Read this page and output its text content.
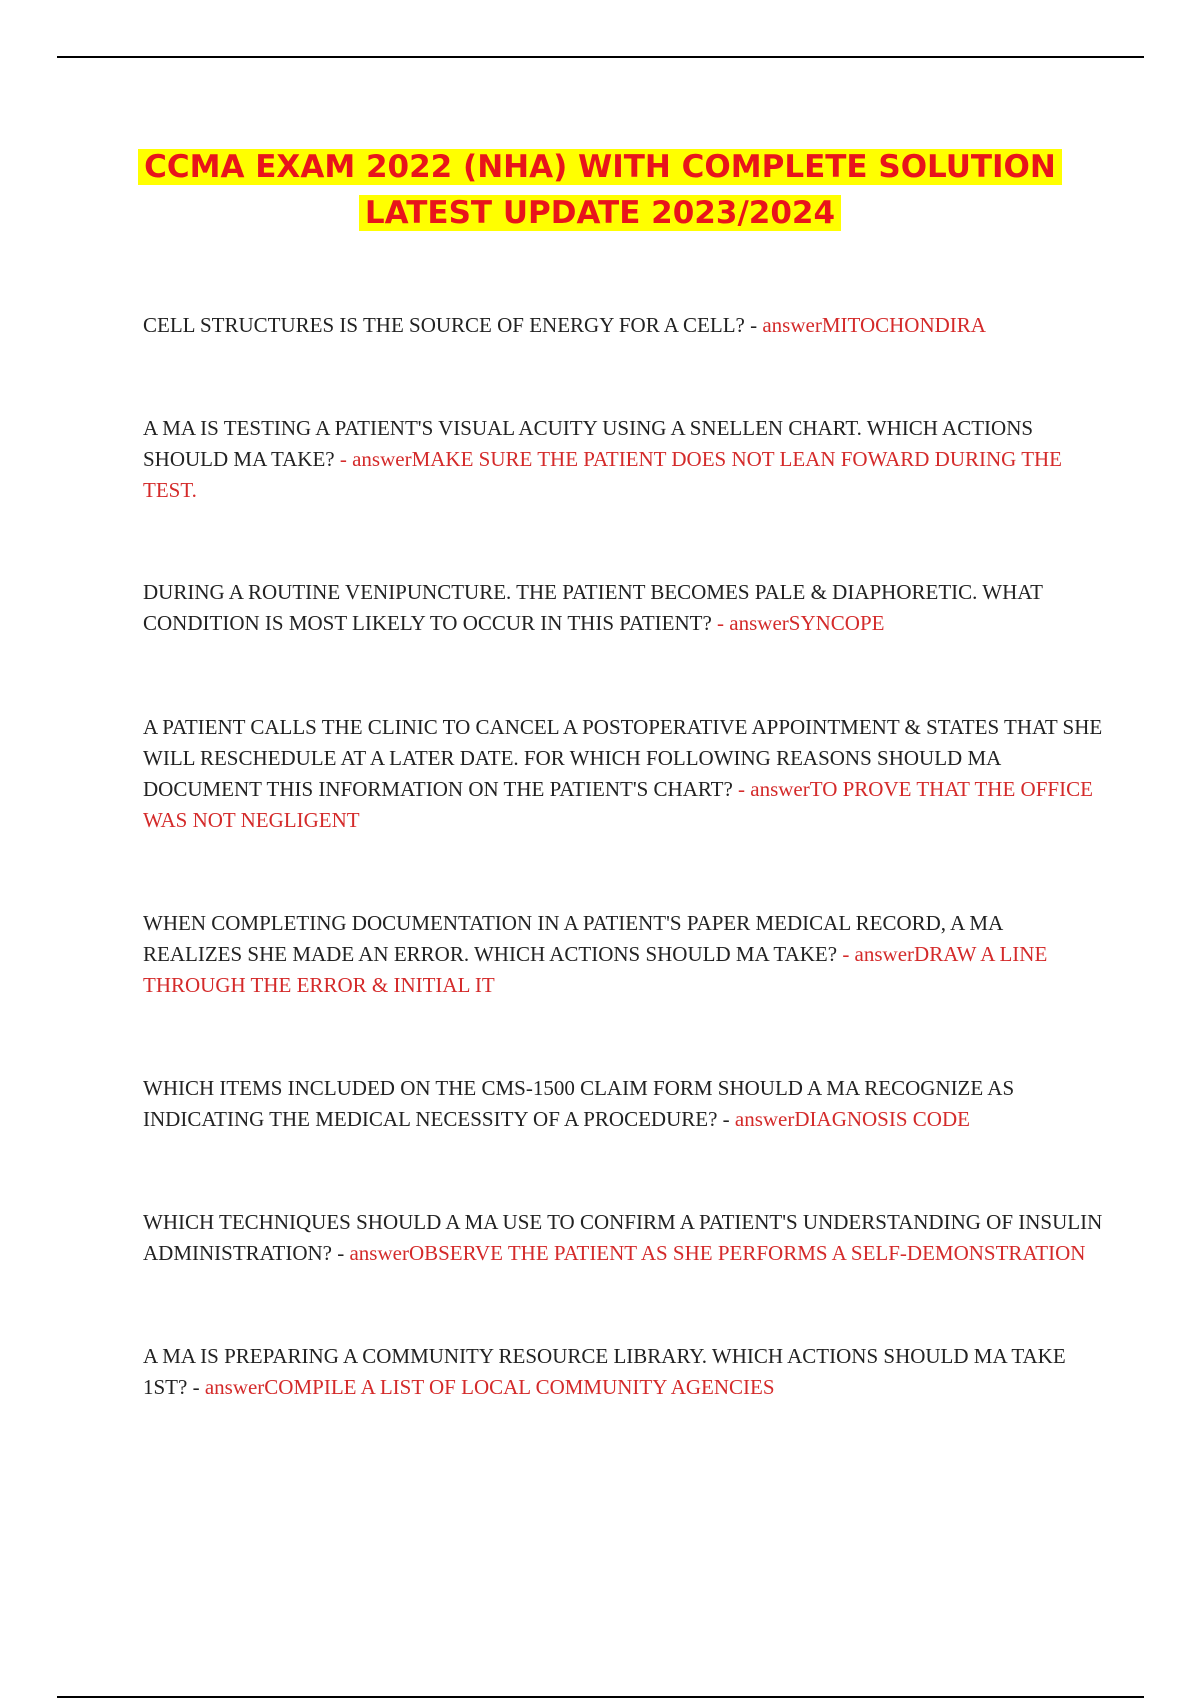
CCMA EXAM 2022 (NHA) WITH COMPLETE SOLUTION
LATEST UPDATE 2023/2024
CELL STRUCTURES IS THE SOURCE OF ENERGY FOR A CELL? - answerMITOCHONDIRA
A MA IS TESTING A PATIENT'S VISUAL ACUITY USING A SNELLEN CHART. WHICH ACTIONS SHOULD MA TAKE? - answerMAKE SURE THE PATIENT DOES NOT LEAN FOWARD DURING THE TEST.
DURING A ROUTINE VENIPUNCTURE. THE PATIENT BECOMES PALE & DIAPHORETIC. WHAT CONDITION IS MOST LIKELY TO OCCUR IN THIS PATIENT? - answerSYNCOPE
A PATIENT CALLS THE CLINIC TO CANCEL A POSTOPERATIVE APPOINTMENT & STATES THAT SHE WILL RESCHEDULE AT A LATER DATE. FOR WHICH FOLLOWING REASONS SHOULD MA DOCUMENT THIS INFORMATION ON THE PATIENT'S CHART? - answerTO PROVE THAT THE OFFICE WAS NOT NEGLIGENT
WHEN COMPLETING DOCUMENTATION IN A PATIENT'S PAPER MEDICAL RECORD, A MA REALIZES SHE MADE AN ERROR. WHICH ACTIONS SHOULD MA TAKE? - answerDRAW A LINE THROUGH THE ERROR & INITIAL IT
WHICH ITEMS INCLUDED ON THE CMS-1500 CLAIM FORM SHOULD A MA RECOGNIZE AS INDICATING THE MEDICAL NECESSITY OF A PROCEDURE? - answerDIAGNOSIS CODE
WHICH TECHNIQUES SHOULD A MA USE TO CONFIRM A PATIENT'S UNDERSTANDING OF INSULIN ADMINISTRATION? - answerOBSERVE THE PATIENT AS SHE PERFORMS A SELF-DEMONSTRATION
A MA IS PREPARING A COMMUNITY RESOURCE LIBRARY. WHICH ACTIONS SHOULD MA TAKE 1ST? - answerCOMPILE A LIST OF LOCAL COMMUNITY AGENCIES
